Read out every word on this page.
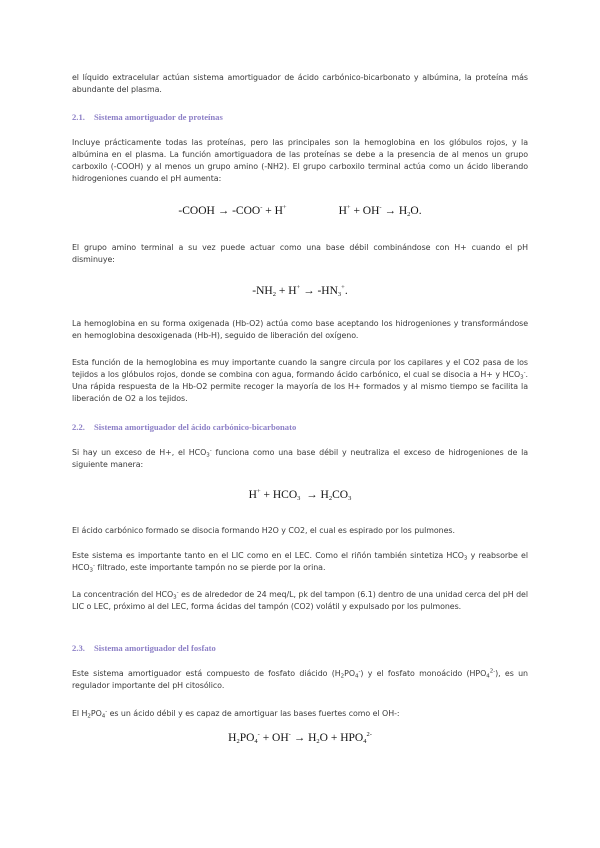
el líquido extracelular actúan sistema amortiguador de ácido carbónico-bicarbonato y albúmina, la proteína más abundante del plasma.

2.1. Sistema amortiguador de proteínas

Incluye prácticamente todas las proteínas, pero las principales son la hemoglobina en los glóbulos rojos, y la albúmina en el plasma. La función amortiguadora de las proteínas se debe a la presencia de al menos un grupo carboxilo (-COOH) y al menos un grupo amino (-NH2). El grupo carboxilo terminal actúa como un ácido liberando hidrogeniones cuando el pH aumenta:

-COOH → -COO- + H+	$H^+ + OH^- \to H_2O$.

El grupo amino terminal a su vez puede actuar como una base débil combinándose con H+ cuando el pH disminuye:

$-NH_2 + H^+ \to -HN_3^+$.

La hemoglobina en su forma oxigenada (Hb-O2) actúa como base aceptando los hidrogeniones y transformándose en hemoglobina desoxigenada (Hb-H), seguido de liberación del oxígeno.

Esta función de la hemoglobina es muy importante cuando la sangre circula por los capilares y el CO2 pasa de los tejidos a los glóbulos rojos, donde se combina con agua, formando ácido carbónico, el cual se disocia a H+ y $HCO_3^-$. Una rápida respuesta de la Hb-O2 permite recoger la mayoría de los H+ formados y al mismo tiempo se facilita la liberación de O2 a los tejidos.

2.2. Sistema amortiguador del ácido carbónico-bicarbonato

Si hay un exceso de H+, el $HCO_3^-$ funciona como una base débil y neutraliza el exceso de hidrogeniones de la siguiente manera:

$H^+ + HCO_3 \to H_2CO_3$

El ácido carbónico formado se disocia formando H2O y CO2, el cual es espirado por los pulmones.

Este sistema es importante tanto en el LIC como en el LEC. Como el riñón también sintetiza $HCO_3$ y reabsorbe el $HCO_3^-$ filtrado, este importante tampón no se pierde por la orina.

La concentración del $HCO_3^-$ es de alrededor de 24 meq/L, pk del tampon (6.1) dentro de una unidad cerca del pH del LIC o LEC, próximo al del LEC, forma ácidas del tampón (CO2) volátil y expulsado por los pulmones.

2.3. Sistema amortiguador del fosfato

Este sistema amortiguador está compuesto de fosfato diácido $(H_2PO_4^-)$ y el fosfato monoácido $(HPO_4^{2-})$, es un regulador importante del pH citosólico.

El $H_2PO_4^-$ es un ácido débil y es capaz de amortiguar las bases fuertes como el OH-:

$H_2PO_4^- + OH^- \to H_2O + HPO_4^{2-}$
